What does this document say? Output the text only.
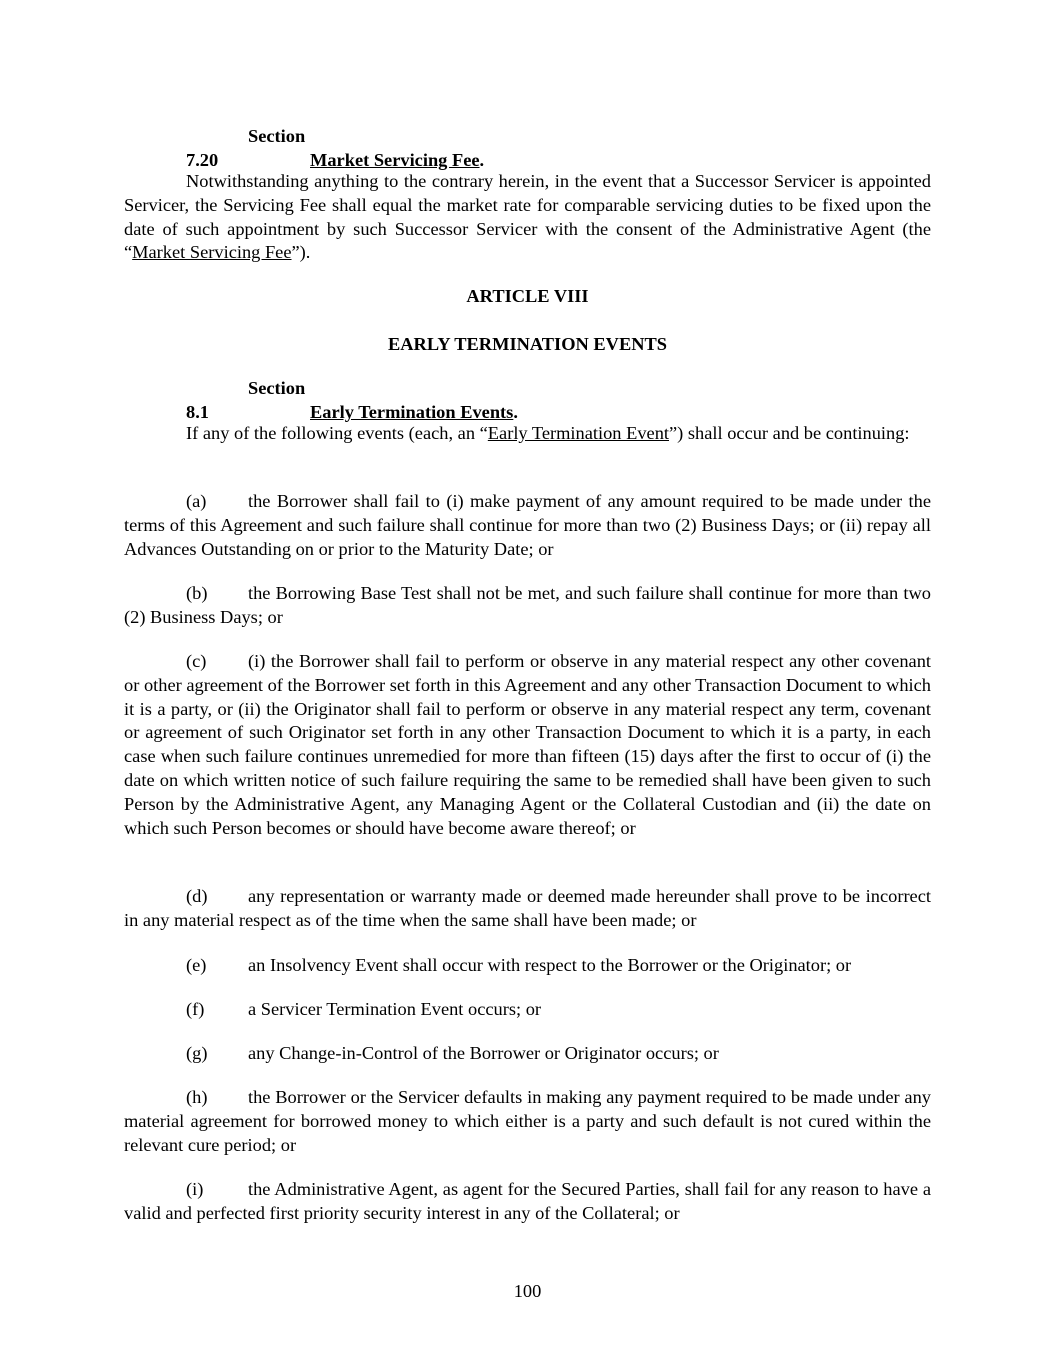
Section 7.20	Market Servicing Fee.
Notwithstanding anything to the contrary herein, in the event that a Successor Servicer is appointed Servicer, the Servicing Fee shall equal the market rate for comparable servicing duties to be fixed upon the date of such appointment by such Successor Servicer with the consent of the Administrative Agent (the “Market Servicing Fee”).
ARTICLE VIII
EARLY TERMINATION EVENTS
Section 8.1	Early Termination Events.
If any of the following events (each, an “Early Termination Event”) shall occur and be continuing:
(a) the Borrower shall fail to (i) make payment of any amount required to be made under the terms of this Agreement and such failure shall continue for more than two (2) Business Days; or (ii) repay all Advances Outstanding on or prior to the Maturity Date; or
(b) the Borrowing Base Test shall not be met, and such failure shall continue for more than two (2) Business Days; or
(c) (i) the Borrower shall fail to perform or observe in any material respect any other covenant or other agreement of the Borrower set forth in this Agreement and any other Transaction Document to which it is a party, or (ii) the Originator shall fail to perform or observe in any material respect any term, covenant or agreement of such Originator set forth in any other Transaction Document to which it is a party, in each case when such failure continues unremedied for more than fifteen (15) days after the first to occur of (i) the date on which written notice of such failure requiring the same to be remedied shall have been given to such Person by the Administrative Agent, any Managing Agent or the Collateral Custodian and (ii) the date on which such Person becomes or should have become aware thereof; or
(d) any representation or warranty made or deemed made hereunder shall prove to be incorrect in any material respect as of the time when the same shall have been made; or
(e) an Insolvency Event shall occur with respect to the Borrower or the Originator; or
(f) a Servicer Termination Event occurs; or
(g) any Change-in-Control of the Borrower or Originator occurs; or
(h) the Borrower or the Servicer defaults in making any payment required to be made under any material agreement for borrowed money to which either is a party and such default is not cured within the relevant cure period; or
(i) the Administrative Agent, as agent for the Secured Parties, shall fail for any reason to have a valid and perfected first priority security interest in any of the Collateral; or
100
